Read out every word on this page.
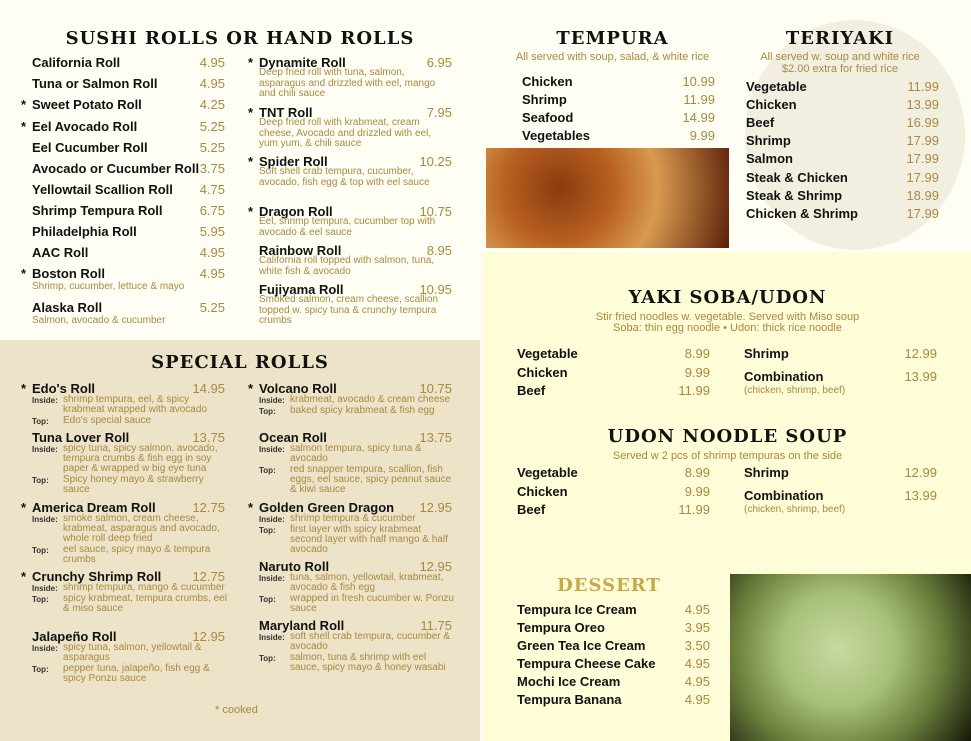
SUSHI ROLLS OR HAND ROLLS
SPECIAL ROLLS
* cooked
TEMPURA
All served with soup, salad, & white rice
TERIYAKI
All served w. soup and white rice
$2.00 extra for fried rice
YAKI SOBA/UDON
Stir fried noodles w. vegetable. Served with Miso soup
Soba: thin egg noodle • Udon: thick rice noodle
UDON NOODLE SOUP
Served w 2 pcs of shrimp tempuras on the side
DESSERT
California Roll	4.95
Tuna or Salmon Roll	4.95
* Sweet Potato Roll	4.25
* Eel Avocado Roll	5.25
Eel Cucumber Roll	5.25
Avocado or Cucumber Roll 3.75
Yellowtail Scallion Roll	4.75
Shrimp Tempura Roll	6.75
Philadelphia Roll	5.95
AAC Roll	4.95
* Boston Roll	4.95
Shrimp, cucumber, lettuce & mayo
Alaska Roll	5.25
Salmon, avocado & cucumber
* Dynamite Roll	6.95
Deep fried roll with tuna, salmon, asparagus and drizzled with eel, mango and chili sauce
* TNT Roll	7.95
Deep fried roll with krabmeat, cream cheese, Avocado and drizzled with eel, yum yum, & chili sauce
* Spider Roll	10.25
Soft shell crab tempura, cucumber, avocado, fish egg & top with eel sauce
* Dragon Roll	10.75
Eel, shrimp tempura, cucumber top with avocado & eel sauce
Rainbow Roll	8.95
California roll topped with salmon, tuna, white fish & avocado
Fujiyama Roll	10.95
Smoked salmon, cream cheese, scallion topped w. spicy tuna & crunchy tempura crumbs
* Edo's Roll	14.95
Inside: shrimp tempura, eel, & spicy krabmeat wrapped with avocado
Top: Edo's special sauce
Tuna Lover Roll	13.75
Inside: spicy tuna, spicy salmon, avocado, tempura crumbs & fish egg in soy paper & wrapped w big eye tuna
Top: Spicy honey mayo & strawberry sauce
* America Dream Roll	12.75
Inside: smoke salmon, cream cheese, krabmeat, asparagus and avocado, whole roll deep fried
Top: eel sauce, spicy mayo & tempura crumbs
* Crunchy Shrimp Roll	12.75
Inside: shrimp tempura, mango & cucumber
Top: spicy krabmeat, tempura crumbs, eel & miso sauce
Jalapeño Roll	12.95
Inside: spicy tuna, salmon, yellowtail & asparagus
Top: pepper tuna, jalapeño, fish egg & spicy Ponzu sauce
* Volcano Roll	10.75
Inside: krabmeat, avocado & cream cheese
Top: baked spicy krabmeat & fish egg
Ocean Roll	13.75
Inside: salmon tempura, spicy tuna & avocado
Top: red snapper tempura, scallion, fish eggs, eel sauce, spicy peanut sauce & kiwi sauce
* Golden Green Dragon	12.95
Inside: shrimp tempura & cucumber
Top: first layer with spicy krabmeat second layer with half mango & half avocado
Naruto Roll	12.95
Inside: tuna, salmon, yellowtail, krabmeat, avocado & fish egg
Top: wrapped in fresh cucumber w. Ponzu sauce
Maryland Roll	11.75
Inside: soft shell crab tempura, cucumber & avocado
Top: salmon, tuna & shrimp with eel sauce, spicy mayo & honey wasabi
Chicken	10.99
Shrimp	11.99
Seafood	14.99
Vegetables	9.99
Vegetable	11.99
Chicken	13.99
Beef	16.99
Shrimp	17.99
Salmon	17.99
Steak & Chicken	17.99
Steak & Shrimp	18.99
Chicken & Shrimp	17.99
Vegetable	8.99
Chicken	9.99
Beef	11.99
Shrimp	12.99
Combination	13.99
(chicken, shrimp, beef)
Vegetable	8.99
Chicken	9.99
Beef	11.99
Shrimp	12.99
Combination	13.99
(chicken, shrimp, beef)
Tempura Ice Cream	4.95
Tempura Oreo	3.95
Green Tea Ice Cream	3.50
Tempura Cheese Cake	4.95
Mochi Ice Cream	4.95
Tempura Banana	4.95
